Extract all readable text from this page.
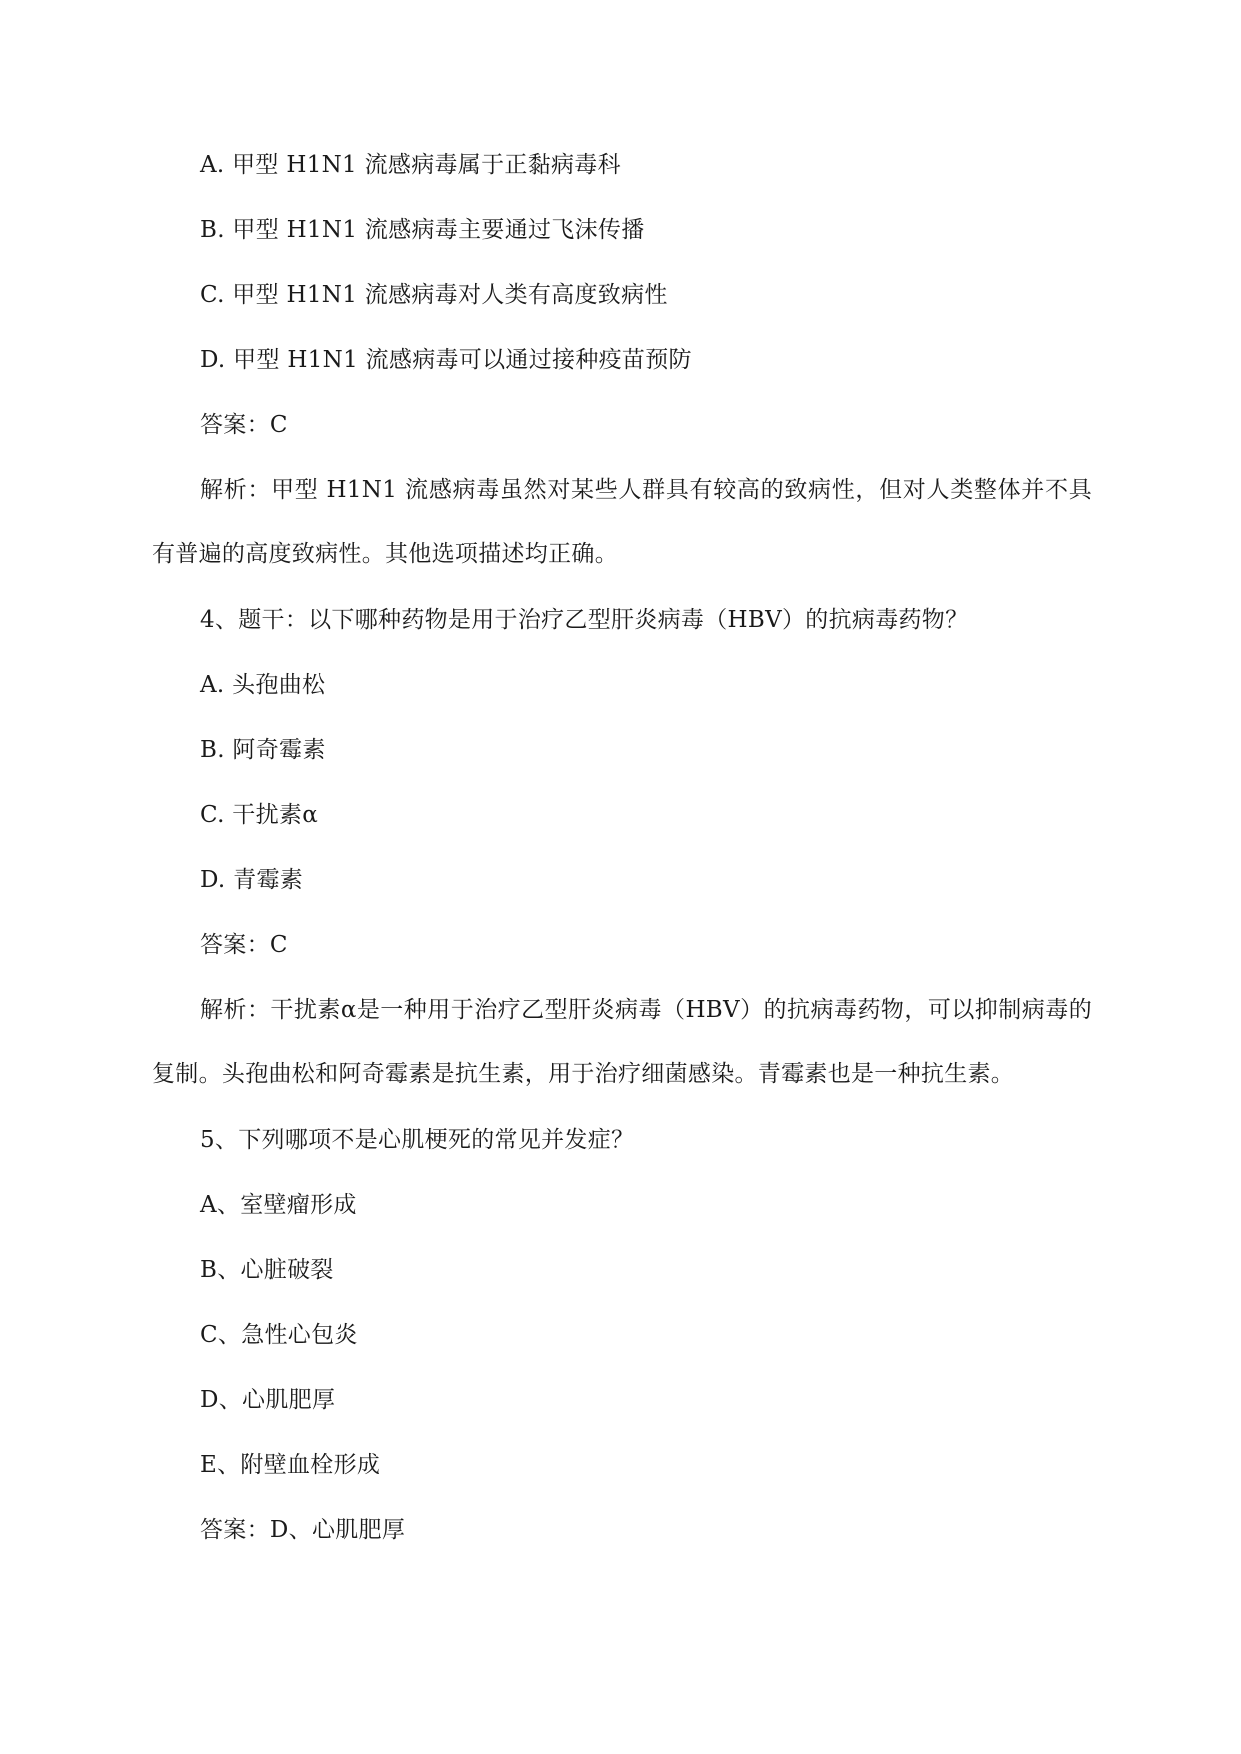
A. 甲型 H1N1 流感病毒属于正黏病毒科
B. 甲型 H1N1 流感病毒主要通过飞沫传播
C. 甲型 H1N1 流感病毒对人类有高度致病性
D. 甲型 H1N1 流感病毒可以通过接种疫苗预防
答案：C
解析：甲型 H1N1 流感病毒虽然对某些人群具有较高的致病性，但对人类整体并不具有普遍的高度致病性。其他选项描述均正确。
4、题干：以下哪种药物是用于治疗乙型肝炎病毒（HBV）的抗病毒药物？
A. 头孢曲松
B. 阿奇霉素
C. 干扰素α
D. 青霉素
答案：C
解析：干扰素α是一种用于治疗乙型肝炎病毒（HBV）的抗病毒药物，可以抑制病毒的复制。头孢曲松和阿奇霉素是抗生素，用于治疗细菌感染。青霉素也是一种抗生素。
5、下列哪项不是心肌梗死的常见并发症？
A、室壁瘤形成
B、心脏破裂
C、急性心包炎
D、心肌肥厚
E、附壁血栓形成
答案：D、心肌肥厚
